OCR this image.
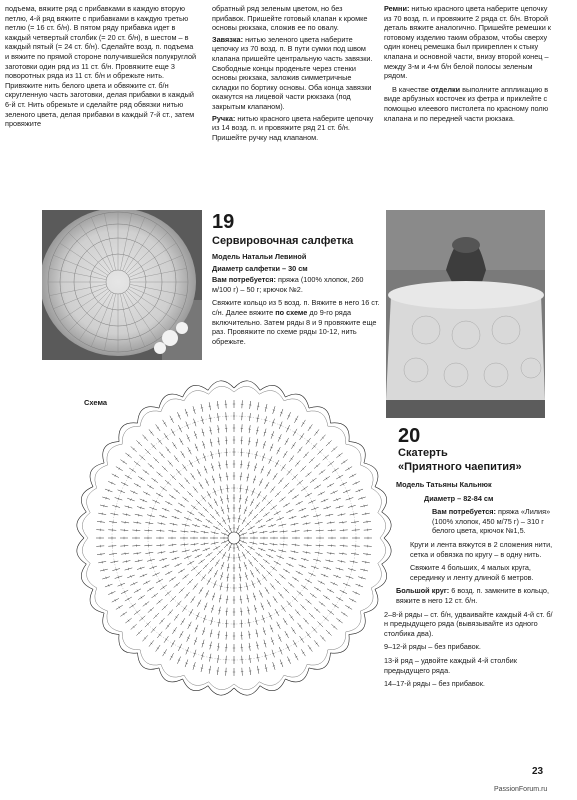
подъема, вяжите ряд с прибавками в каждую вторую петлю, 4-й ряд вяжите с прибавками в каждую третью петлю (= 16 ст. б/н). В пятом ряду прибавка идет в каждый четвертый столбик (= 20 ст. б/н), в шестом – в каждый пятый (= 24 ст. б/н). Сделайте возд. п. подъема и вяжите по прямой стороне получившейся полукруглой заготовки один ряд из 11 ст. б/н. Провяжите еще 3 поворотных ряда из 11 ст. б/н и обрежьте нить. Привяжите нить белого цвета и обвяжите ст. б/н скругленную часть заготовки, делая прибавки в каждый 6-й ст. Нить обрежьте и сделайте ряд обвязки нитью зеленого цвета, делая прибавки в каждый 7-й ст., затем провяжите

обратный ряд зеленым цветом, но без прибавок. Пришейте готовый клапан к кромке основы рюкзака, сложив ее по овалу.

Завязка: нитью зеленого цвета наберите цепочку из 70 возд. п. В пути сумки под швом клапана пришейте центральную часть завязки. Свободные концы проденьте через стенки основы рюкзака, заложив симметричные складки по бортику основы. Оба конца завязки окажутся на лицевой части рюкзака (под закрытым клапаном).

Ручка: нитью красного цвета наберите цепочку из 14 возд. п. и провяжите ряд 21 ст. б/н. Пришейте ручку над клапаном.

Ремни: нитью красного цвета наберите цепочку из 70 возд. п. и провяжите 2 ряда ст. б/н. Второй деталь вяжите аналогично. Пришейте ремешки к готовому изделию таким образом, чтобы сверху один конец ремешка был прикреплен к стыку клапана и основной части, внизу второй конец – между 3-м и 4-м б/н белой полосы зеленым рядом.

В качестве отделки выполните аппликацию в виде арбузных косточек из фетра и приклейте с помощью клеевого пистолета по красному полю клапана и по передней части рюкзака.

19
Сервировочная салфетка

Модель Натальи Левиной

Диаметр салфетки – 30 см

Вам потребуется: пряжа (100% хлопок, 260 м/100 г) – 50 г; крючок №2.

Свяжите кольцо из 5 возд. п. Вяжите в него 16 ст. с/н. Далее вяжите по схеме до 9-го ряда включительно. Затем ряды 8 и 9 провяжите еще раз. Провяжите по схеме ряды 10-12, нить обрежьте.

Схема
20
Скатерть
«Приятного чаепития»

Модель Татьяны Кальнюк

Диаметр – 82-84 см

Вам потребуется: пряжа «Лилия» (100% хлопок, 450 м/75 г) – 310 г белого цвета, крючок №1,5.

Круги и лента вяжутся в 2 сложения нити, сетка и обвязка по кругу – в одну нить.

Свяжите 4 больших, 4 малых круга, серединку и ленту длиной 6 метров.

Большой круг: 6 возд. п. замкните в кольцо, вяжите в него 12 ст. б/н.

2–8-й ряды – ст. б/н, удваивайте каждый 4-й ст. б/н предыдущего ряда (вывязывайте из одного столбика два).

9–12-й ряды – без прибавок.

13-й ряд – удвойте каждый 4-й столбик предыдущего ряда.

14–17-й ряды – без прибавок.

23
PassionForum.ru
